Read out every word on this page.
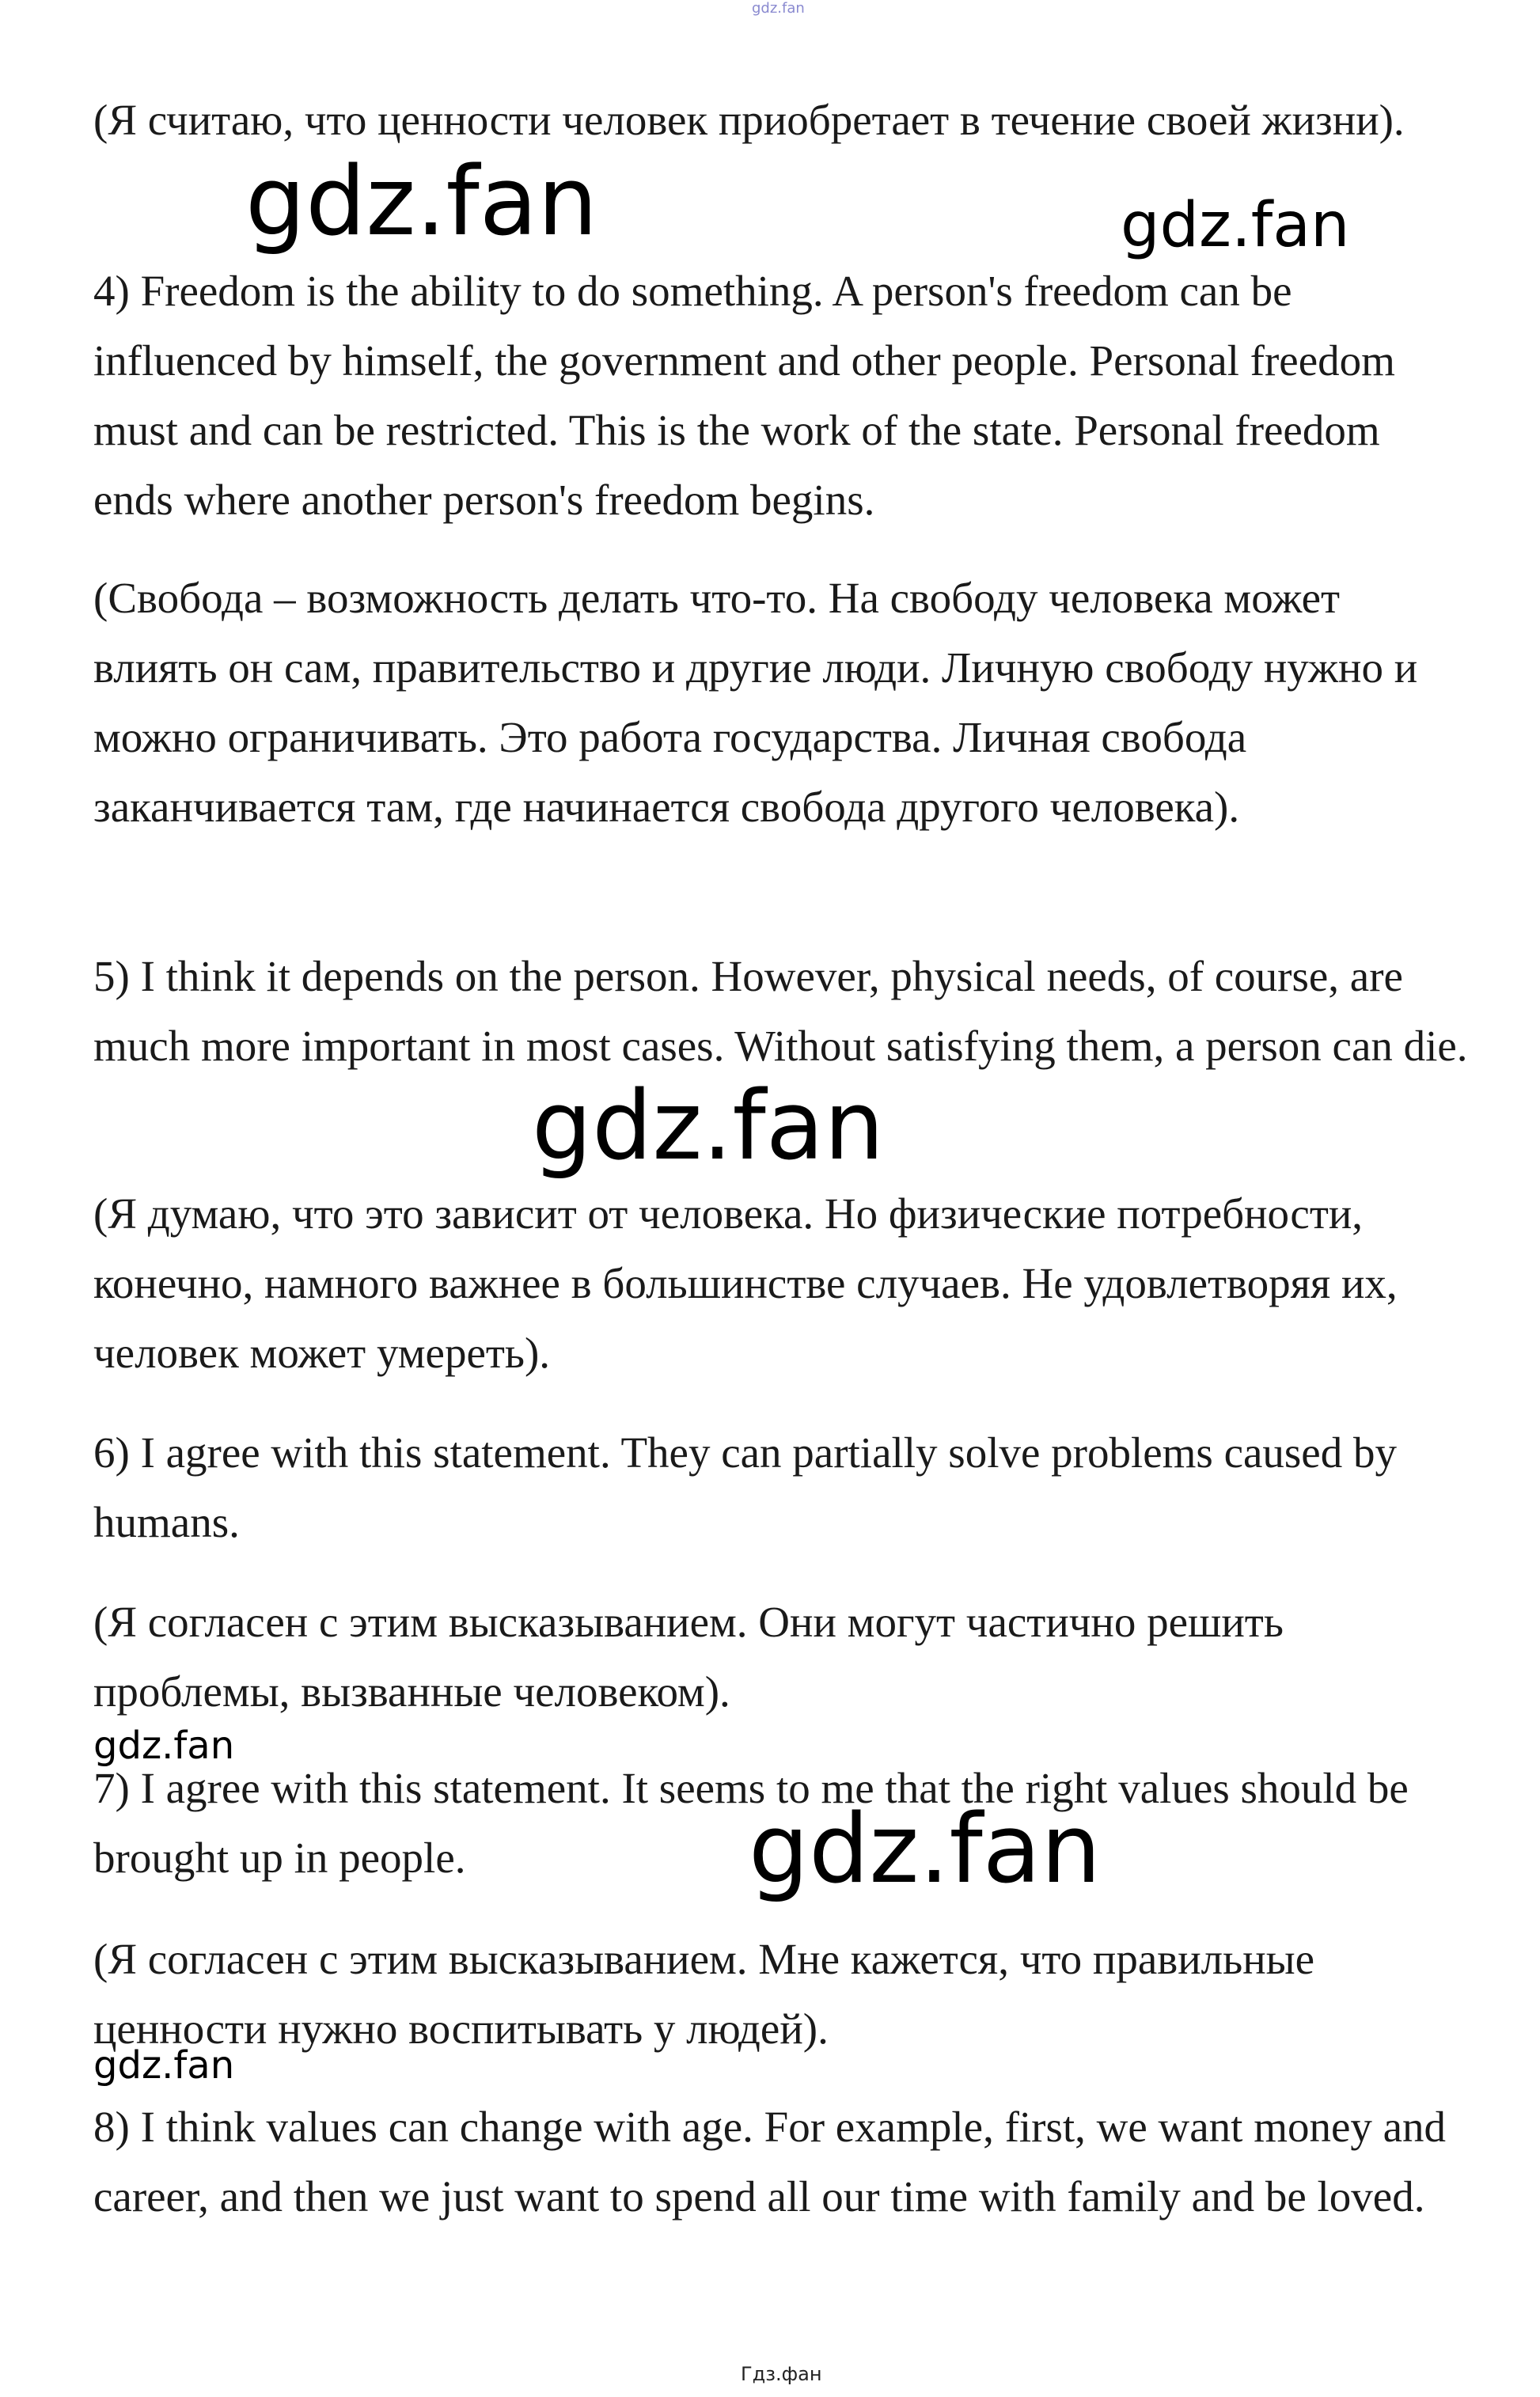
gdz.fan

(Я считаю, что ценности человек приобретает в течение своей жизни).

4) Freedom is the ability to do something. A person's freedom can be influenced by himself, the government and other people. Personal freedom must and can be restricted. This is the work of the state. Personal freedom ends where another person's freedom begins.

(Свобода – возможность делать что-то. На свободу человека может влиять он сам, правительство и другие люди. Личную свободу нужно и можно ограничивать. Это работа государства. Личная свобода заканчивается там, где начинается свобода другого человека).

5) I think it depends on the person. However, physical needs, of course, are much more important in most cases. Without satisfying them, a person can die.

(Я думаю, что это зависит от человека. Но физические потребности, конечно, намного важнее в большинстве случаев. Не удовлетворяя их, человек может умереть).

6) I agree with this statement. They can partially solve problems caused by humans.

(Я согласен с этим высказыванием. Они могут частично решить проблемы, вызванные человеком).

7) I agree with this statement. It seems to me that the right values should be brought up in people.

(Я согласен с этим высказыванием. Мне кажется, что правильные ценности нужно воспитывать у людей).

8) I think values can change with age. For example, first, we want money and career, and then we just want to spend all our time with family and be loved.

gdz.fan	gdz.fan
gdz.fan
gdz.fan
gdz.fan
gdz.fan
Гдз.фан
